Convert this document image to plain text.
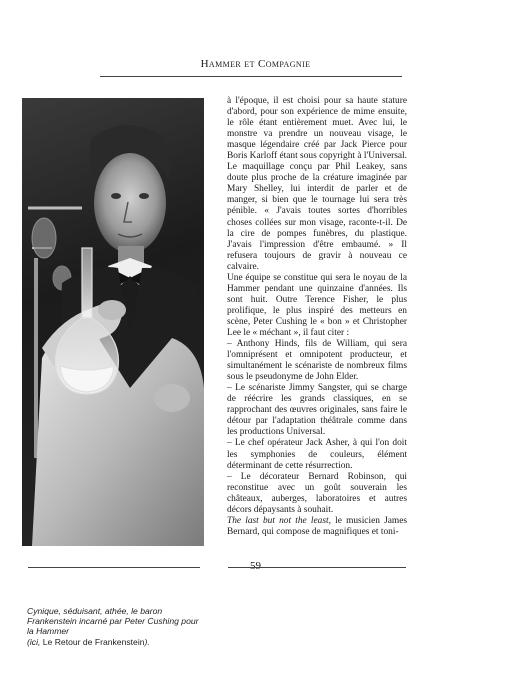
Hammer et Compagnie

à l'époque, il est choisi pour sa haute stature d'abord, pour son expérience de mime ensuite, le rôle étant entièrement muet. Avec lui, le monstre va prendre un nouveau visage, le masque légendaire créé par Jack Pierce pour Boris Karloff étant sous copyright à l'Universal. Le maquillage conçu par Phil Leakey, sans doute plus proche de la créature imaginée par Mary Shelley, lui interdit de parler et de manger, si bien que le tournage lui sera très pénible. « J'avais toutes sortes d'horribles choses collées sur mon visage, raconte-t-il. De la cire de pompes funèbres, du plastique. J'avais l'impression d'être embaumé. » Il refusera toujours de gravir à nouveau ce calvaire.

Une équipe se constitue qui sera le noyau de la Hammer pendant une quinzaine d'années. Ils sont huit. Outre Terence Fisher, le plus prolifique, le plus inspiré des metteurs en scène, Peter Cushing le « bon » et Christopher Lee le « méchant », il faut citer :

– Anthony Hinds, fils de William, qui sera l'omniprésent et omnipotent producteur, et simultanément le scénariste de nombreux films sous le pseudonyme de John Elder.

– Le scénariste Jimmy Sangster, qui se charge de réécrire les grands classiques, en se rapprochant des œuvres originales, sans faire le détour par l'adaptation théâtrale comme dans les productions Universal.

– Le chef opérateur Jack Asher, à qui l'on doit les symphonies de couleurs, élément déterminant de cette résurrection.

– Le décorateur Bernard Robinson, qui reconstitue avec un goût souverain les châteaux, auberges, laboratoires et autres décors dépaysants à souhait.

The last but not the least, le musicien James Bernard, qui compose de magnifiques et toni-

59
Cynique, séduisant, athée, le baron Frankenstein incarné par Peter Cushing pour la Hammer
(ici, Le Retour de Frankenstein).
